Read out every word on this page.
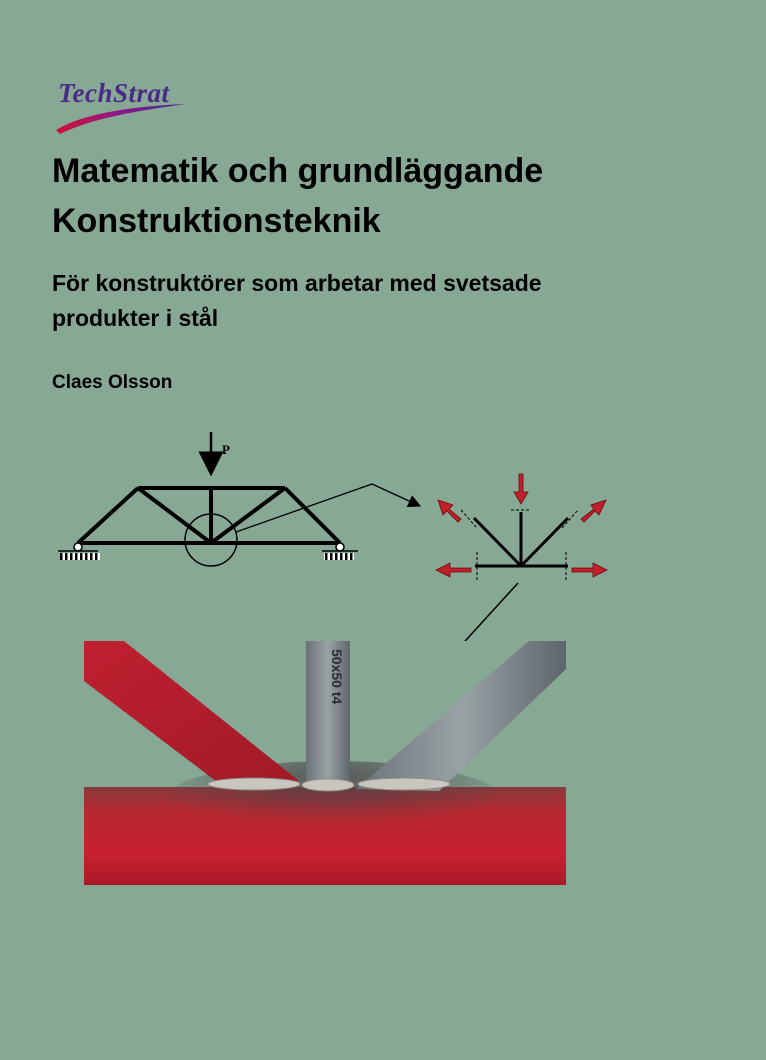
TechStrat
Matematik och grundläggande
Konstruktionsteknik
För konstruktörer som arbetar med svetsade
produkter i stål
Claes Olsson
P
50x50 t4
